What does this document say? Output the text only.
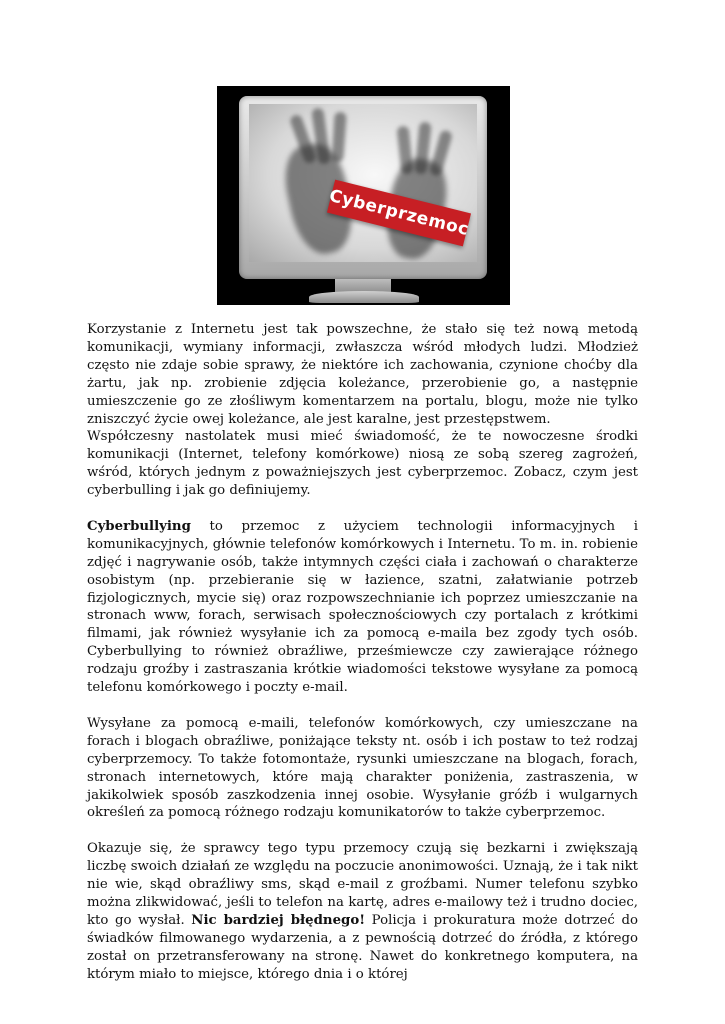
Cyberprzemoc

Korzystanie z Internetu jest tak powszechne, że stało się też nową metodą komunikacji, wymiany informacji, zwłaszcza wśród młodych ludzi. Młodzież często nie zdaje sobie sprawy, że niektóre ich zachowania, czynione choćby dla żartu, jak np. zrobienie zdjęcia koleżance, przerobienie go, a następnie umieszczenie go ze złośliwym komentarzem na portalu, blogu, może nie tylko zniszczyć życie owej koleżance, ale jest karalne, jest przestępstwem.

Współczesny nastolatek musi mieć świadomość, że te nowoczesne środki komunikacji (Internet, telefony komórkowe) niosą ze sobą szereg zagrożeń, wśród, których jednym z poważniejszych jest cyberprzemoc. Zobacz, czym jest cyberbulling i jak go definiujemy.

Cyberbullying to przemoc z użyciem technologii informacyjnych i komunikacyjnych, głównie telefonów komórkowych i Internetu. To m. in. robienie zdjęć i nagrywanie osób, także intymnych części ciała i zachowań o charakterze osobistym (np. przebieranie się w łazience, szatni, załatwianie potrzeb fizjologicznych, mycie się) oraz rozpowszechnianie ich poprzez umieszczanie na stronach www, forach, serwisach społecznościowych czy portalach z krótkimi filmami, jak również wysyłanie ich za pomocą e-maila bez zgody tych osób. Cyberbullying to również obraźliwe, prześmiewcze czy zawierające różnego rodzaju groźby i zastraszania krótkie wiadomości tekstowe wysyłane za pomocą telefonu komórkowego i poczty e-mail.

Wysyłane za pomocą e-maili, telefonów komórkowych, czy umieszczane na forach i blogach obraźliwe, poniżające teksty nt. osób i ich postaw to też rodzaj cyberprzemocy. To także fotomontaże, rysunki umieszczane na blogach, forach, stronach internetowych, które mają charakter poniżenia, zastraszenia, w jakikolwiek sposób zaszkodzenia innej osobie. Wysyłanie gróźb i wulgarnych określeń za pomocą różnego rodzaju komunikatorów to także cyberprzemoc.

Okazuje się, że sprawcy tego typu przemocy czują się bezkarni i zwiększają liczbę swoich działań ze względu na poczucie anonimowości. Uznają, że i tak nikt nie wie, skąd obraźliwy sms, skąd e-mail z groźbami. Numer telefonu szybko można zlikwidować, jeśli to telefon na kartę, adres e-mailowy też i trudno dociec, kto go wysłał. Nic bardziej błędnego! Policja i prokuratura może dotrzeć do świadków filmowanego wydarzenia, a z pewnością dotrzeć do źródła, z którego został on przetransferowany na stronę. Nawet do konkretnego komputera, na którym miało to miejsce, którego dnia i o której
